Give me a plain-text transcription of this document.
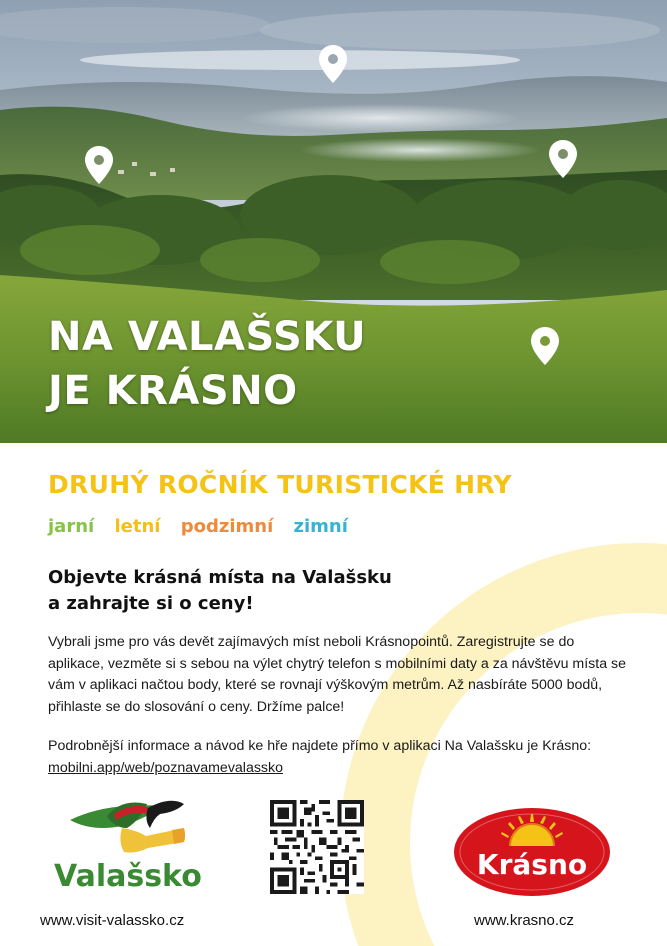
NA VALAŠSKU
JE KRÁSNO
DRUHÝ ROČNÍK TURISTICKÉ HRY
jarní letní podzimní zimní
Objevte krásná místa na Valašsku
a zahrajte si o ceny!

Vybrali jsme pro vás devět zajímavých míst neboli Krásnopointů. Zaregistrujte se do aplikace, vezměte si s sebou na výlet chytrý telefon s mobilními daty a za návštěvu místa se vám v aplikaci načtou body, které se rovnají výškovým metrům. Až nasbíráte 5000 bodů, přihlaste se do slosování o ceny. Držíme palce!

Podrobnější informace a návod ke hře najdete přímo v aplikaci Na Valašsku je Krásno: mobilni.app/web/poznavamevalassko

Valašsko	Krásno
www.visit-valassko.cz	www.krasno.cz
